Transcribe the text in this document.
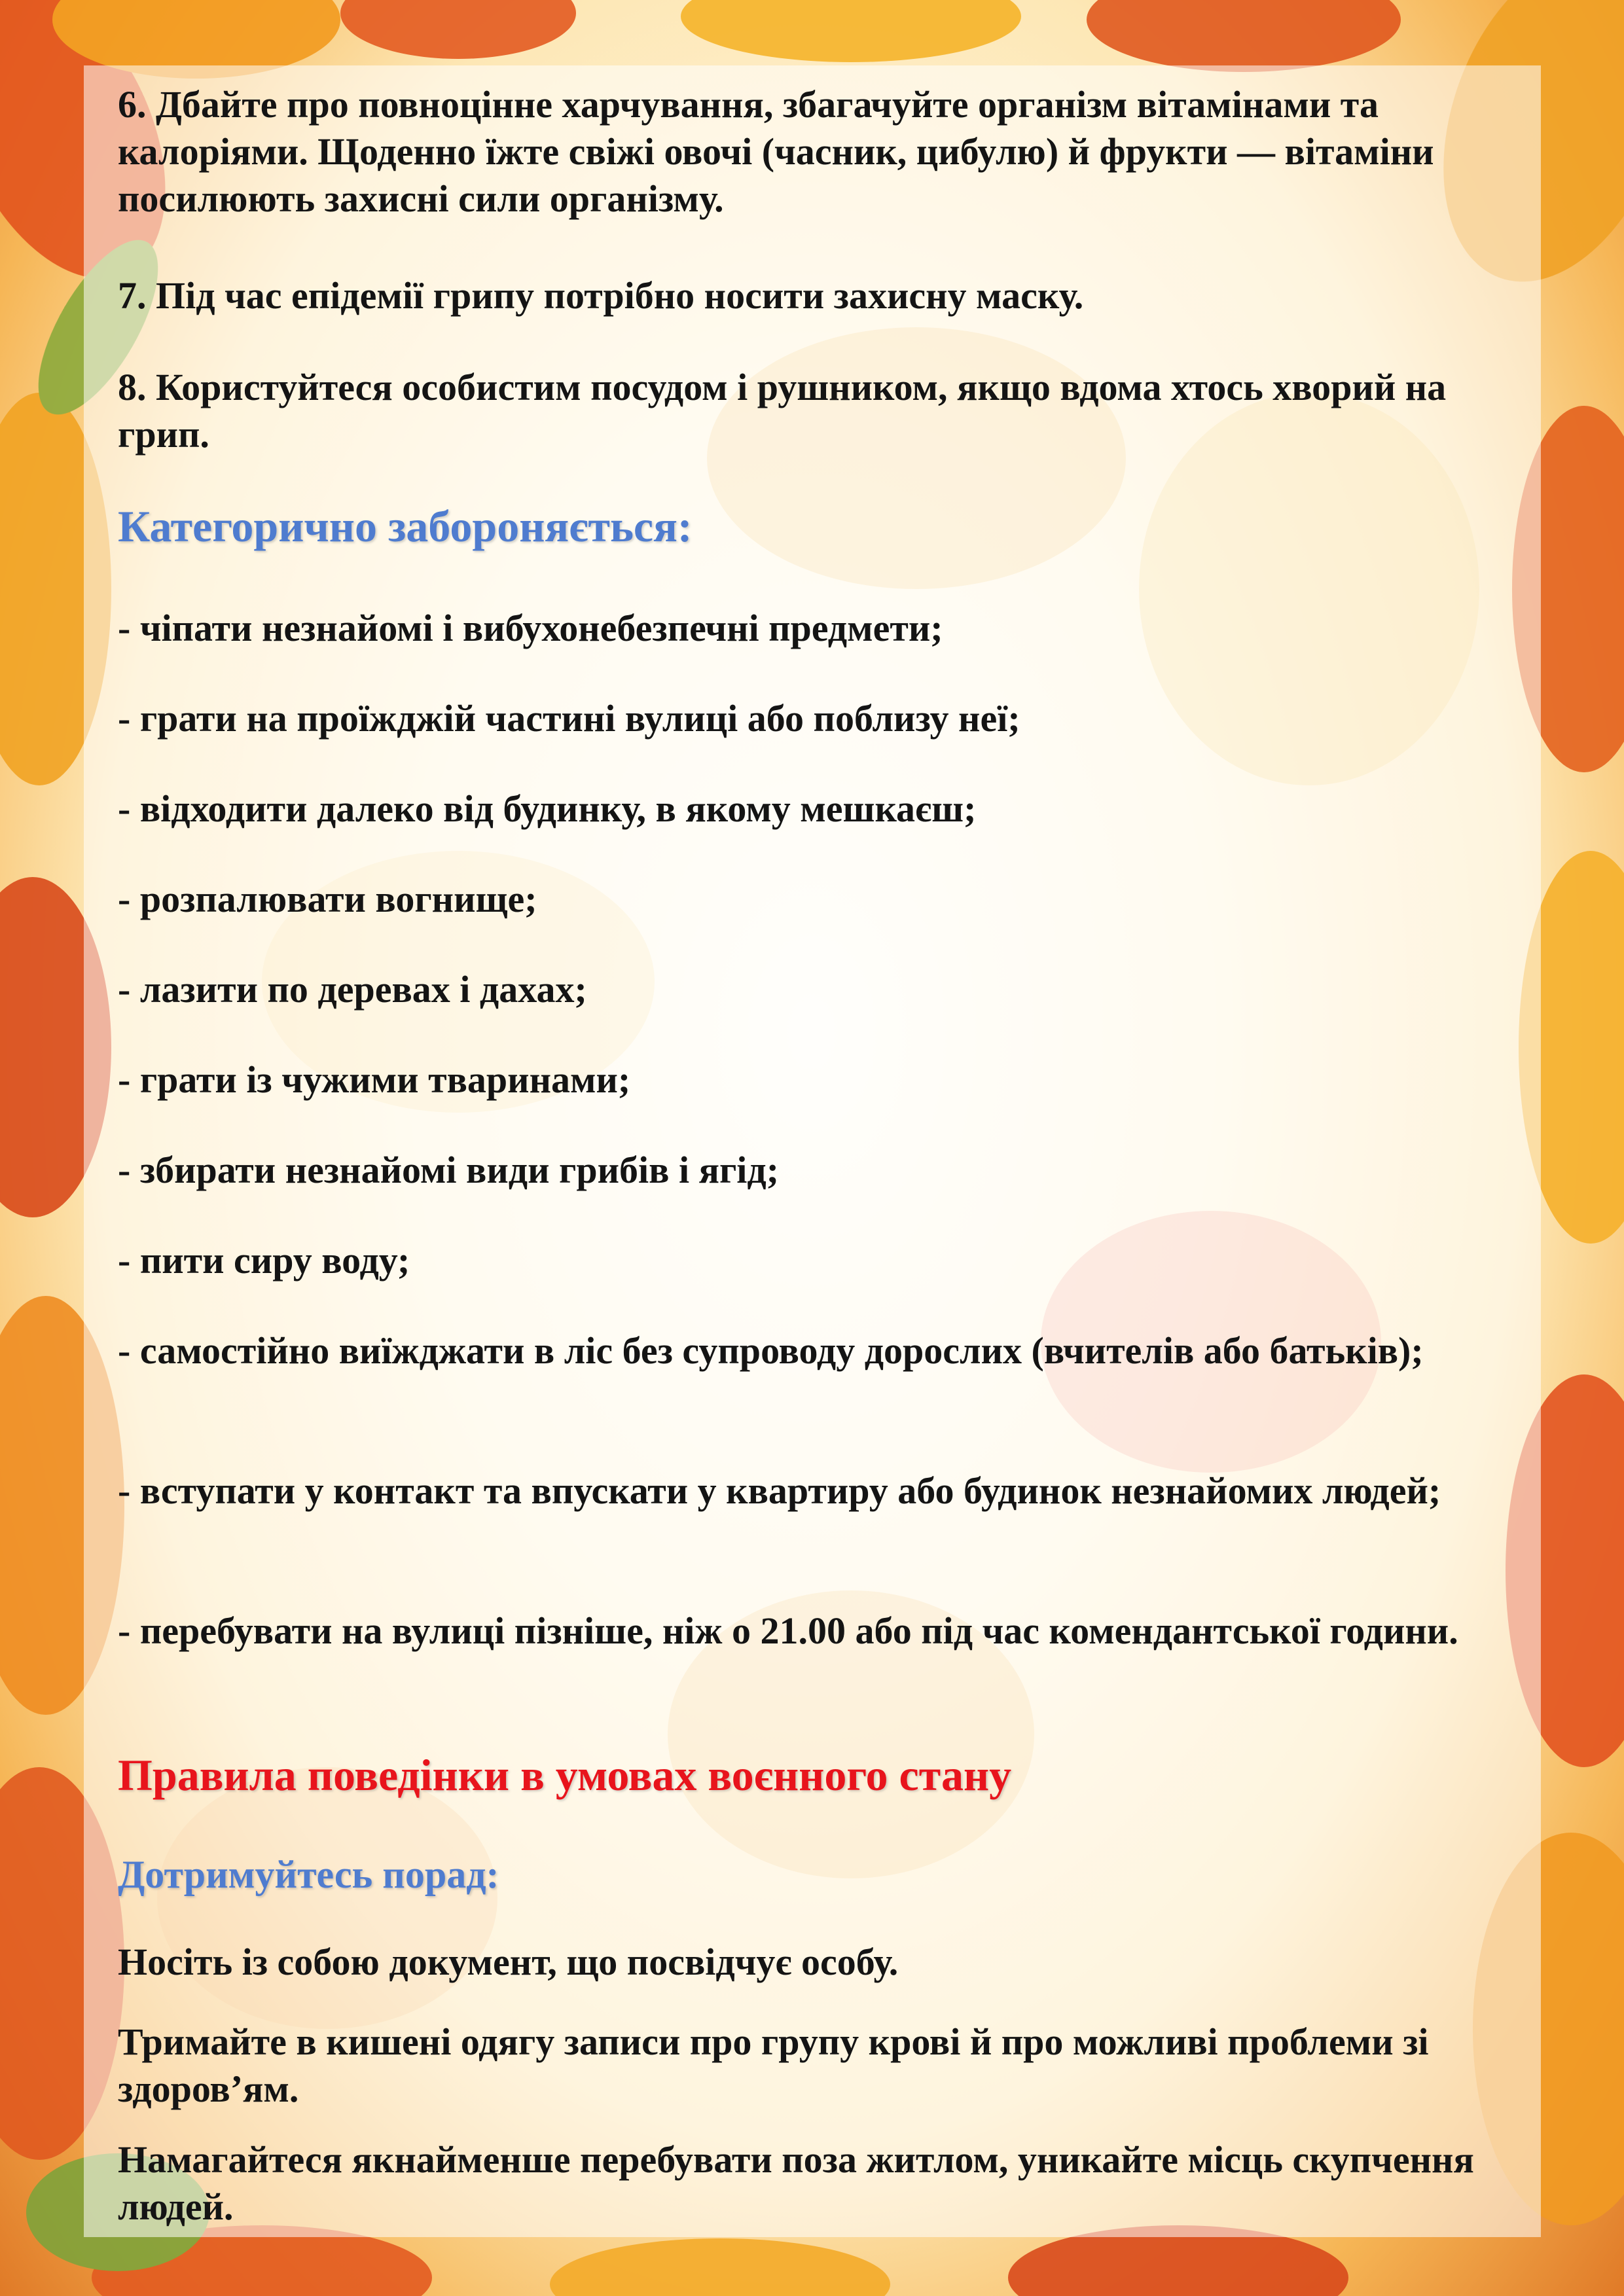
6. Дбайте про повноцінне харчування, збагачуйте організм вітамінами та калоріями. Щоденно їжте свіжі овочі (часник, цибулю) й фрукти — вітаміни посилюють захисні сили організму.

7. Під час епідемії грипу потрібно носити захисну маску.

8. Користуйтеся особистим посудом і рушником, якщо вдома хтось хворий на грип.

Категорично забороняється:

- чіпати незнайомі і вибухонебезпечні предмети;

- грати на проїжджій частині вулиці або поблизу неї;

- відходити далеко від будинку, в якому мешкаєш;

- розпалювати вогнище;

- лазити по деревах і дахах;

- грати із чужими тваринами;

- збирати незнайомі види грибів і ягід;

- пити сиру воду;

- самостійно виїжджати в ліс без супроводу дорослих (вчителів або батьків);

- вступати у контакт та впускати у квартиру або будинок незнайомих людей;

- перебувати на вулиці пізніше, ніж о 21.00 або під час комендантської години.

Правила поведінки в умовах воєнного стану
Дотримуйтесь порад:

Носіть із собою документ, що посвідчує особу.

Тримайте в кишені одягу записи про групу крові й про можливі проблеми зі здоров’ям.

Намагайтеся якнайменше перебувати поза житлом, уникайте місць скупчення людей.
